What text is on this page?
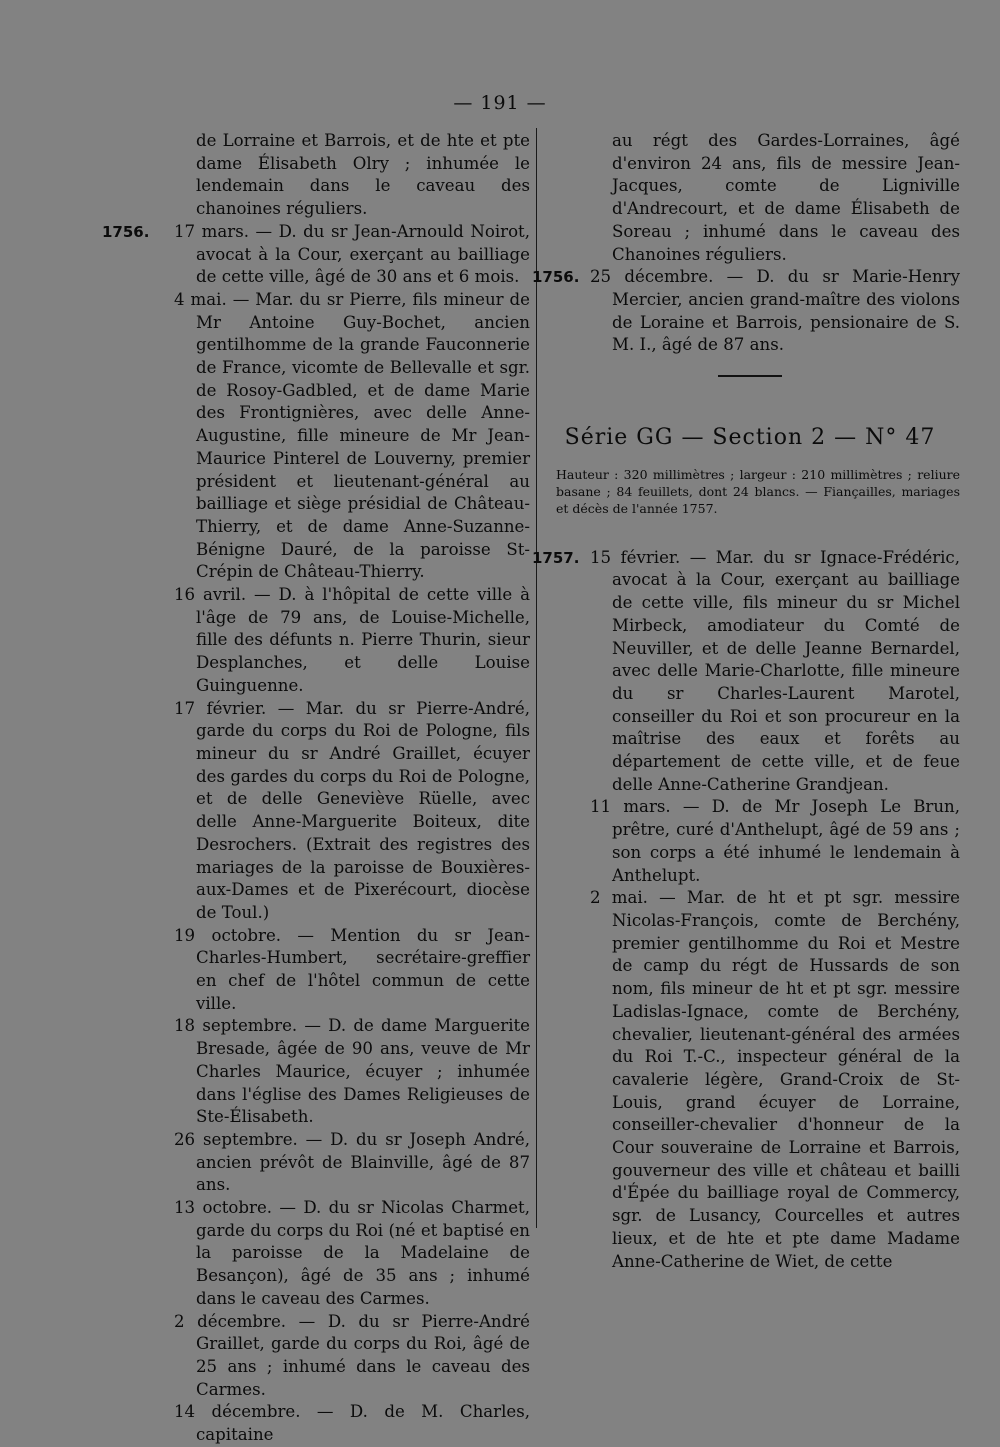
— 191 —
de Lorraine et Barrois, et de hte et pte dame Élisabeth Olry ; inhumée le lendemain dans le caveau des chanoines réguliers.
1756. 17 mars. — D. du sr Jean-Arnould Noirot, avocat à la Cour, exerçant au bailliage de cette ville, âgé de 30 ans et 6 mois.
4 mai. — Mar. du sr Pierre, fils mineur de Mr Antoine Guy-Bochet, ancien gentilhomme de la grande Fauconnerie de France, vicomte de Bellevalle et sgr. de Rosoy-Gadbled, et de dame Marie des Frontignières, avec delle Anne-Augustine, fille mineure de Mr Jean-Maurice Pinterel de Louverny, premier président et lieutenant-général au bailliage et siège présidial de Château-Thierry, et de dame Anne-Suzanne-Bénigne Dauré, de la paroisse St-Crépin de Château-Thierry.
16 avril. — D. à l'hôpital de cette ville à l'âge de 79 ans, de Louise-Michelle, fille des défunts n. Pierre Thurin, sieur Desplanches, et delle Louise Guinguenne.
17 février. — Mar. du sr Pierre-André, garde du corps du Roi de Pologne, fils mineur du sr André Graillet, écuyer des gardes du corps du Roi de Pologne, et de delle Geneviève Rüelle, avec delle Anne-Marguerite Boiteux, dite Desrochers. (Extrait des registres des mariages de la paroisse de Bouxières-aux-Dames et de Pixerécourt, diocèse de Toul.)
19 octobre. — Mention du sr Jean-Charles-Humbert, secrétaire-greffier en chef de l'hôtel commun de cette ville.
18 septembre. — D. de dame Marguerite Bresade, âgée de 90 ans, veuve de Mr Charles Maurice, écuyer ; inhumée dans l'église des Dames Religieuses de Ste-Élisabeth.
26 septembre. — D. du sr Joseph André, ancien prévôt de Blainville, âgé de 87 ans.
13 octobre. — D. du sr Nicolas Charmet, garde du corps du Roi (né et baptisé en la paroisse de la Madelaine de Besançon), âgé de 35 ans ; inhumé dans le caveau des Carmes.
2 décembre. — D. du sr Pierre-André Graillet, garde du corps du Roi, âgé de 25 ans ; inhumé dans le caveau des Carmes.
14 décembre. — D. de M. Charles, capitaine
au régt des Gardes-Lorraines, âgé d'environ 24 ans, fils de messire Jean-Jacques, comte de Ligniville d'Andrecourt, et de dame Élisabeth de Soreau ; inhumé dans le caveau des Chanoines réguliers.
1756. 25 décembre. — D. du sr Marie-Henry Mercier, ancien grand-maître des violons de Loraine et Barrois, pensionaire de S. M. I., âgé de 87 ans.
Série GG — Section 2 — N° 47
Hauteur : 320 millimètres ; largeur : 210 millimètres ; reliure basane ; 84 feuillets, dont 24 blancs. — Fiançailles, mariages et décès de l'année 1757.
1757. 15 février. — Mar. du sr Ignace-Frédéric, avocat à la Cour, exerçant au bailliage de cette ville, fils mineur du sr Michel Mirbeck, amodiateur du Comté de Neuviller, et de delle Jeanne Bernardel, avec delle Marie-Charlotte, fille mineure du sr Charles-Laurent Marotel, conseiller du Roi et son procureur en la maîtrise des eaux et forêts au département de cette ville, et de feue delle Anne-Catherine Grandjean.
11 mars. — D. de Mr Joseph Le Brun, prêtre, curé d'Anthelupt, âgé de 59 ans ; son corps a été inhumé le lendemain à Anthelupt.
2 mai. — Mar. de ht et pt sgr. messire Nicolas-François, comte de Berchény, premier gentilhomme du Roi et Mestre de camp du régt de Hussards de son nom, fils mineur de ht et pt sgr. messire Ladislas-Ignace, comte de Berchény, chevalier, lieutenant-général des armées du Roi T.-C., inspecteur général de la cavalerie légère, Grand-Croix de St-Louis, grand écuyer de Lorraine, conseiller-chevalier d'honneur de la Cour souveraine de Lorraine et Barrois, gouverneur des ville et château et bailli d'Épée du bailliage royal de Commercy, sgr. de Lusancy, Courcelles et autres lieux, et de hte et pte dame Madame Anne-Catherine de Wiet, de cette
